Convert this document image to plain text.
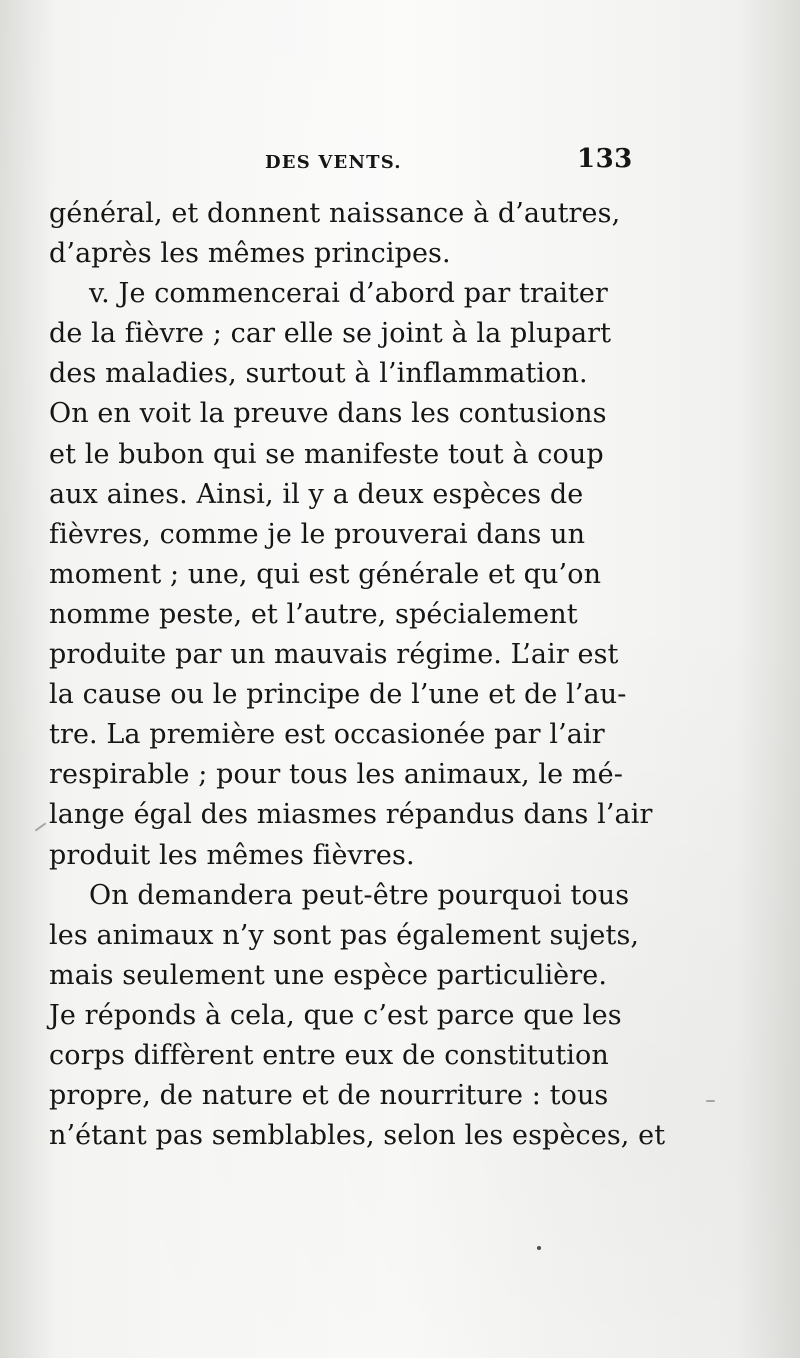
DES VENTS.	133
général, et donnent naissance à d’autres,
d’après les mêmes principes.
v. Je commencerai d’abord par traiter
de la fièvre ; car elle se joint à la plupart
des maladies, surtout à l’inflammation.
On en voit la preuve dans les contusions
et le bubon qui se manifeste tout à coup
aux aines. Ainsi, il y a deux espèces de
fièvres, comme je le prouverai dans un
moment ; une, qui est générale et qu’on
nomme peste, et l’autre, spécialement
produite par un mauvais régime. L’air est
la cause ou le principe de l’une et de l’au-
tre. La première est occasionée par l’air
respirable ; pour tous les animaux, le mé-
lange égal des miasmes répandus dans l’air
produit les mêmes fièvres.
On demandera peut-être pourquoi tous
les animaux n’y sont pas également sujets,
mais seulement une espèce particulière.
Je réponds à cela, que c’est parce que les
corps diffèrent entre eux de constitution
propre, de nature et de nourriture : tous
n’étant pas semblables, selon les espèces, et
